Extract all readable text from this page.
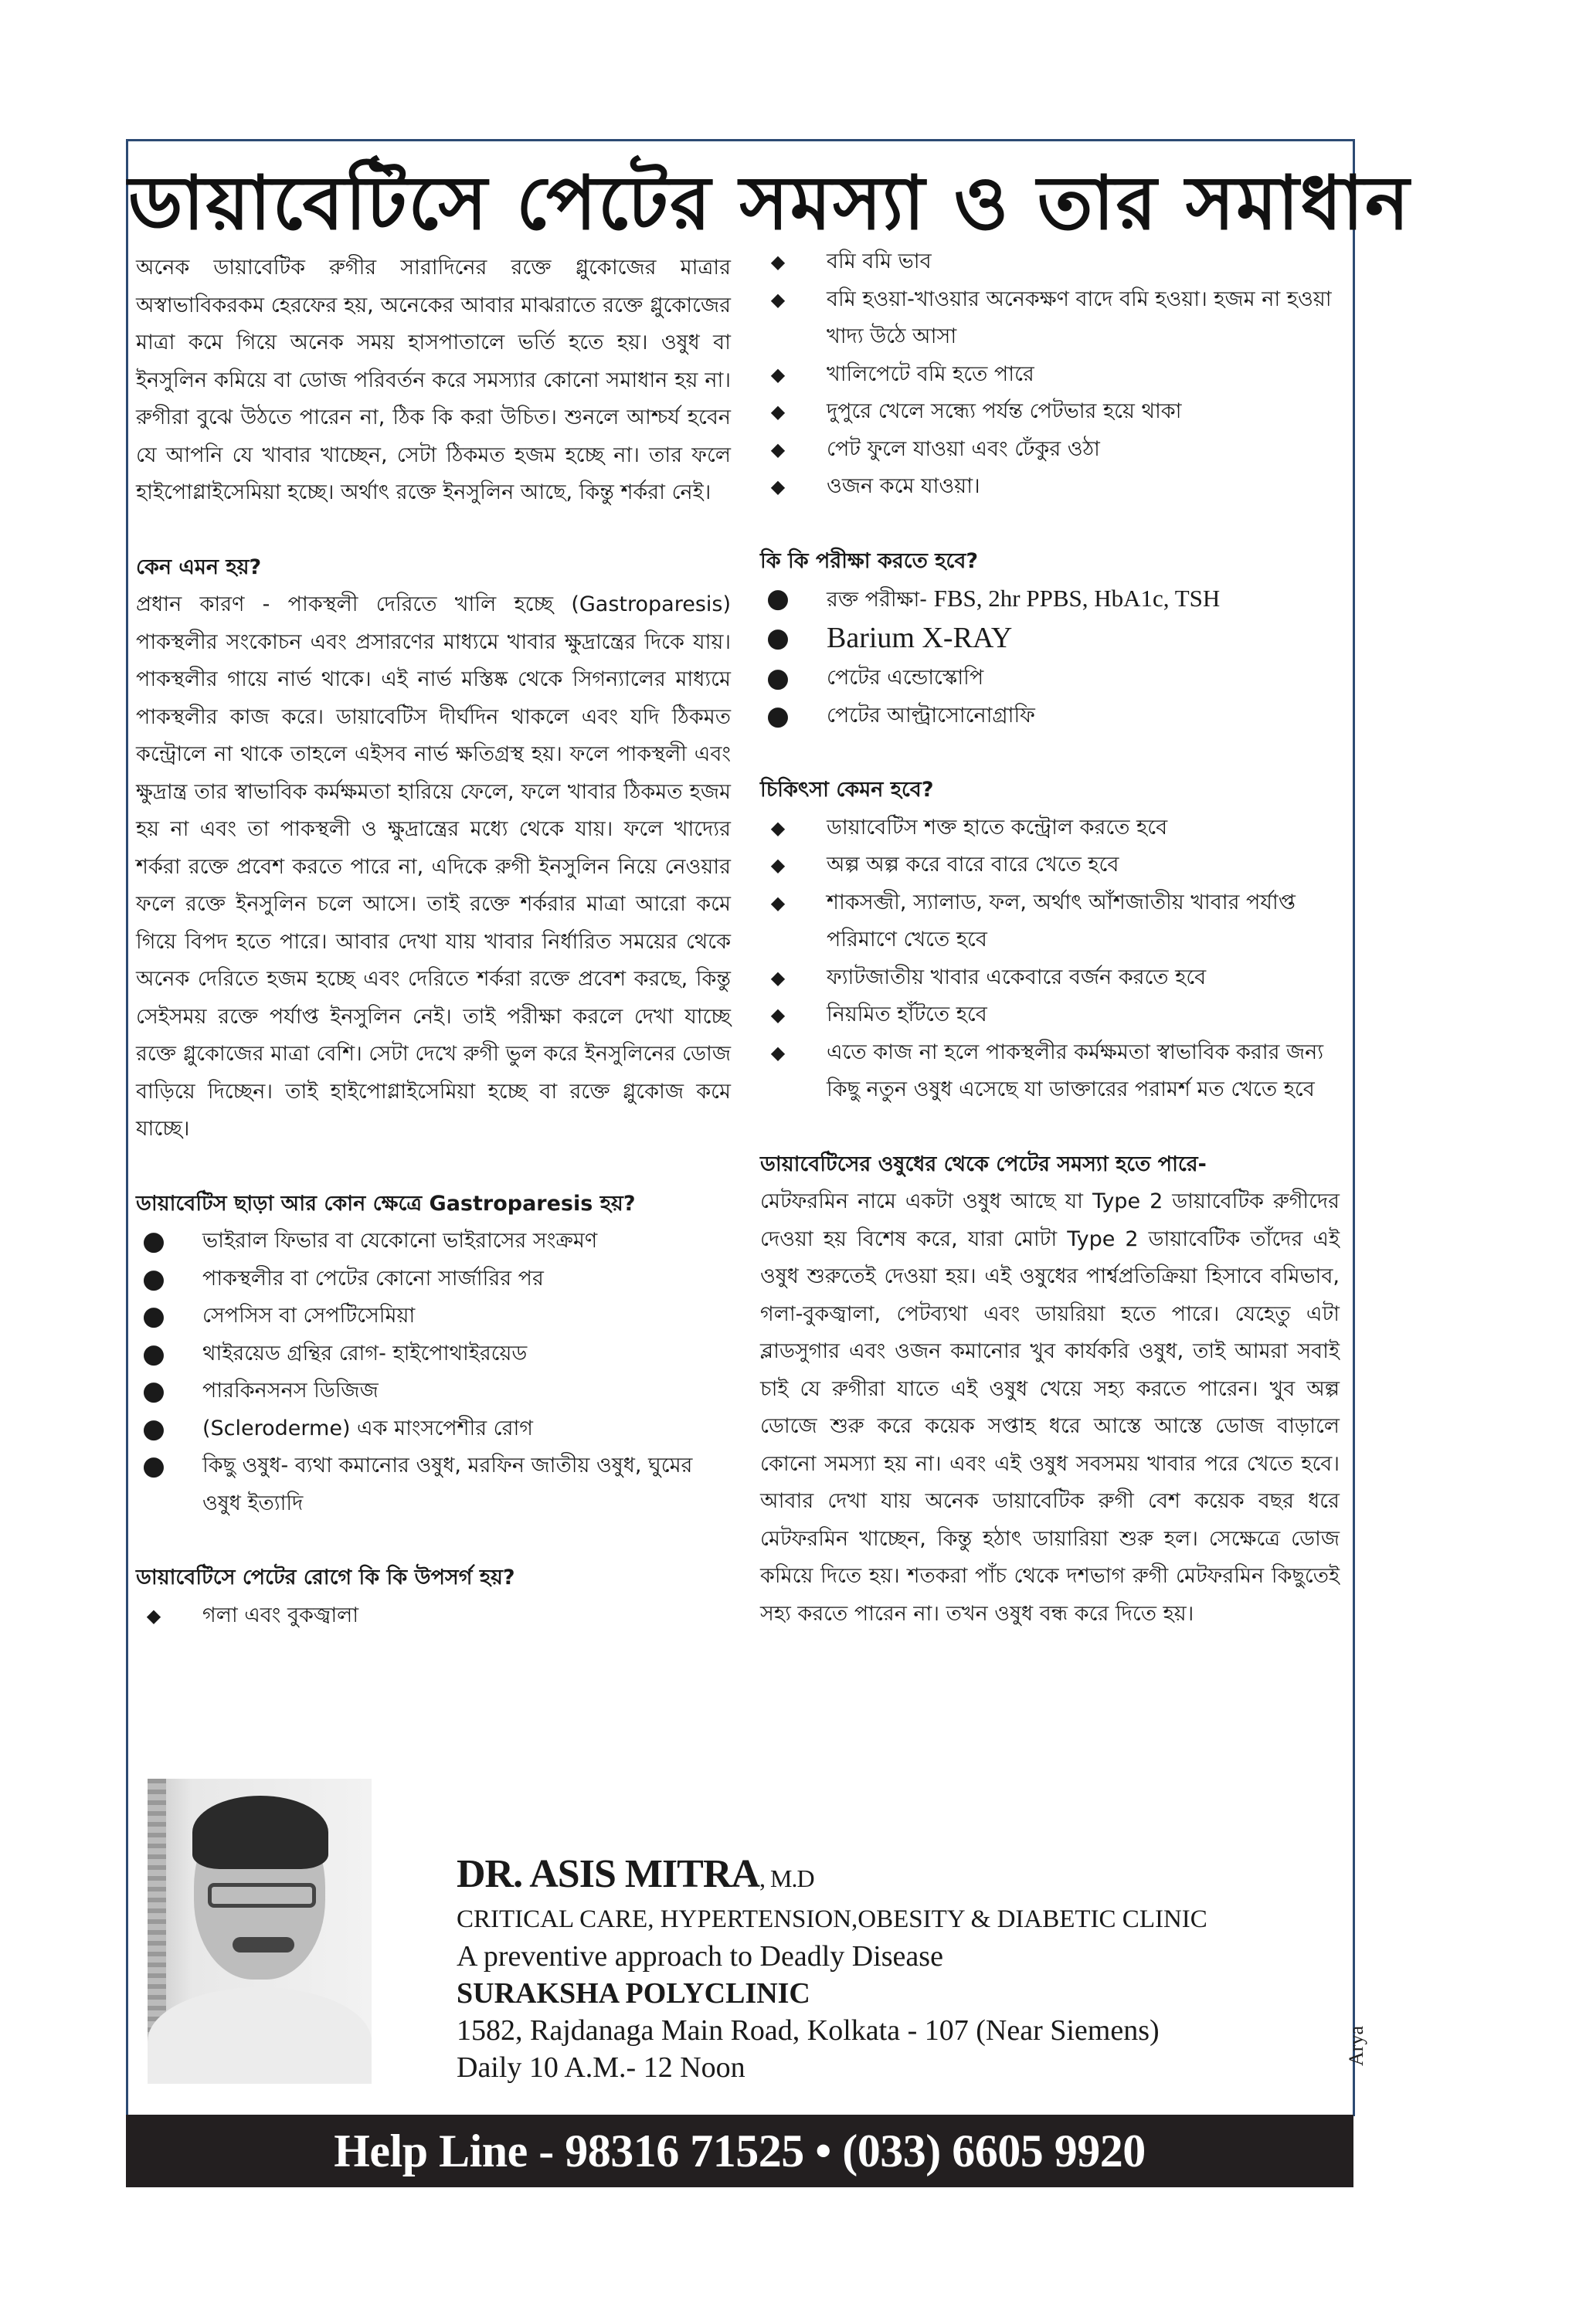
ডায়াবেটিসে পেটের সমস্যা ও তার সমাধান

অনেক ডায়াবেটিক রুগীর সারাদিনের রক্তে গ্লুকোজের মাত্রার অস্বাভাবিকরকম হেরফের হয়, অনেকের আবার মাঝরাতে রক্তে গ্লুকোজের মাত্রা কমে গিয়ে অনেক সময় হাসপাতালে ভর্তি হতে হয়। ওষুধ বা ইনসুলিন কমিয়ে বা ডোজ পরিবর্তন করে সমস্যার কোনো সমাধান হয় না। রুগীরা বুঝে উঠতে পারেন না, ঠিক কি করা উচিত। শুনলে আশ্চর্য হবেন যে আপনি যে খাবার খাচ্ছেন, সেটা ঠিকমত হজম হচ্ছে না। তার ফলে হাইপোগ্লাইসেমিয়া হচ্ছে। অর্থাৎ রক্তে ইনসুলিন আছে, কিন্তু শর্করা নেই।

কেন এমন হয়?

প্রধান কারণ - পাকস্থলী দেরিতে খালি হচ্ছে (Gastroparesis) পাকস্থলীর সংকোচন এবং প্রসারণের মাধ্যমে খাবার ক্ষুদ্রান্ত্রের দিকে যায়। পাকস্থলীর গায়ে নার্ভ থাকে। এই নার্ভ মস্তিষ্ক থেকে সিগন্যালের মাধ্যমে পাকস্থলীর কাজ করে। ডায়াবেটিস দীর্ঘদিন থাকলে এবং যদি ঠিকমত কন্ট্রোলে না থাকে তাহলে এইসব নার্ভ ক্ষতিগ্রস্থ হয়। ফলে পাকস্থলী এবং ক্ষুদ্রান্ত্র তার স্বাভাবিক কর্মক্ষমতা হারিয়ে ফেলে, ফলে খাবার ঠিকমত হজম হয় না এবং তা পাকস্থলী ও ক্ষুদ্রান্ত্রের মধ্যে থেকে যায়। ফলে খাদ্যের শর্করা রক্তে প্রবেশ করতে পারে না, এদিকে রুগী ইনসুলিন নিয়ে নেওয়ার ফলে রক্তে ইনসুলিন চলে আসে। তাই রক্তে শর্করার মাত্রা আরো কমে গিয়ে বিপদ হতে পারে। আবার দেখা যায় খাবার নির্ধারিত সময়ের থেকে অনেক দেরিতে হজম হচ্ছে এবং দেরিতে শর্করা রক্তে প্রবেশ করছে, কিন্তু সেইসময় রক্তে পর্যাপ্ত ইনসুলিন নেই। তাই পরীক্ষা করলে দেখা যাচ্ছে রক্তে গ্লুকোজের মাত্রা বেশি। সেটা দেখে রুগী ভুল করে ইনসুলিনের ডোজ বাড়িয়ে দিচ্ছেন। তাই হাইপোগ্লাইসেমিয়া হচ্ছে বা রক্তে গ্লুকোজ কমে যাচ্ছে।

ডায়াবেটিস ছাড়া আর কোন ক্ষেত্রে Gastroparesis হয়?

● ভাইরাল ফিভার বা যেকোনো ভাইরাসের সংক্রমণ
● পাকস্থলীর বা পেটের কোনো সার্জারির পর
● সেপসিস বা সেপটিসেমিয়া
● থাইরয়েড গ্রন্থির রোগ- হাইপোথাইরয়েড
● পারকিনসনস ডিজিজ
● (Scleroderme) এক মাংসপেশীর রোগ
● কিছু ওষুধ- ব্যথা কমানোর ওষুধ, মরফিন জাতীয় ওষুধ, ঘুমের ওষুধ ইত্যাদি

ডায়াবেটিসে পেটের রোগে কি কি উপসর্গ হয়?

◆ গলা এবং বুকজ্বালা
◆ বমি বমি ভাব
◆ বমি হওয়া-খাওয়ার অনেকক্ষণ বাদে বমি হওয়া। হজম না হওয়া খাদ্য উঠে আসা
◆ খালিপেটে বমি হতে পারে
◆ দুপুরে খেলে সন্ধ্যে পর্যন্ত পেটভার হয়ে থাকা
◆ পেট ফুলে যাওয়া এবং ঢেঁকুর ওঠা
◆ ওজন কমে যাওয়া।

কি কি পরীক্ষা করতে হবে?

● রক্ত পরীক্ষা- FBS, 2hr PPBS, HbA1c, TSH
● Barium X-RAY
● পেটের এন্ডোস্কোপি
● পেটের আল্ট্রাসোনোগ্রাফি

চিকিৎসা কেমন হবে?

◆ ডায়াবেটিস শক্ত হাতে কন্ট্রোল করতে হবে
◆ অল্প অল্প করে বারে বারে খেতে হবে
◆ শাকসব্জী, স্যালাড, ফল, অর্থাৎ আঁশজাতীয় খাবার পর্যাপ্ত পরিমাণে খেতে হবে
◆ ফ্যাটজাতীয় খাবার একেবারে বর্জন করতে হবে
◆ নিয়মিত হাঁটতে হবে
◆ এতে কাজ না হলে পাকস্থলীর কর্মক্ষমতা স্বাভাবিক করার জন্য কিছু নতুন ওষুধ এসেছে যা ডাক্তারের পরামর্শ মত খেতে হবে

ডায়াবেটিসের ওষুধের থেকে পেটের সমস্যা হতে পারে-

মেটফরমিন নামে একটা ওষুধ আছে যা Type 2 ডায়াবেটিক রুগীদের দেওয়া হয় বিশেষ করে, যারা মোটা Type 2 ডায়াবেটিক তাঁদের এই ওষুধ শুরুতেই দেওয়া হয়। এই ওষুধের পার্শ্বপ্রতিক্রিয়া হিসাবে বমিভাব, গলা-বুকজ্বালা, পেটব্যথা এবং ডায়রিয়া হতে পারে। যেহেতু এটা ব্লাডসুগার এবং ওজন কমানোর খুব কার্যকরি ওষুধ, তাই আমরা সবাই চাই যে রুগীরা যাতে এই ওষুধ খেয়ে সহ্য করতে পারেন। খুব অল্প ডোজে শুরু করে কয়েক সপ্তাহ ধরে আস্তে আস্তে ডোজ বাড়ালে কোনো সমস্যা হয় না। এবং এই ওষুধ সবসময় খাবার পরে খেতে হবে। আবার দেখা যায় অনেক ডায়াবেটিক রুগী বেশ কয়েক বছর ধরে মেটফরমিন খাচ্ছেন, কিন্তু হঠাৎ ডায়ারিয়া শুরু হল। সেক্ষেত্রে ডোজ কমিয়ে দিতে হয়। শতকরা পাঁচ থেকে দশভাগ রুগী মেটফরমিন কিছুতেই সহ্য করতে পারেন না। তখন ওষুধ বন্ধ করে দিতে হয়।

DR. ASIS MITRA, M.D
CRITICAL CARE, HYPERTENSION,OBESITY & DIABETIC CLINIC
A preventive approach to Deadly Disease
SURAKSHA POLYCLINIC
1582, Rajdanaga Main Road, Kolkata - 107 (Near Siemens)
Daily 10 A.M.- 12 Noon
Arya
Help Line - 98316 71525 • (033) 6605 9920
